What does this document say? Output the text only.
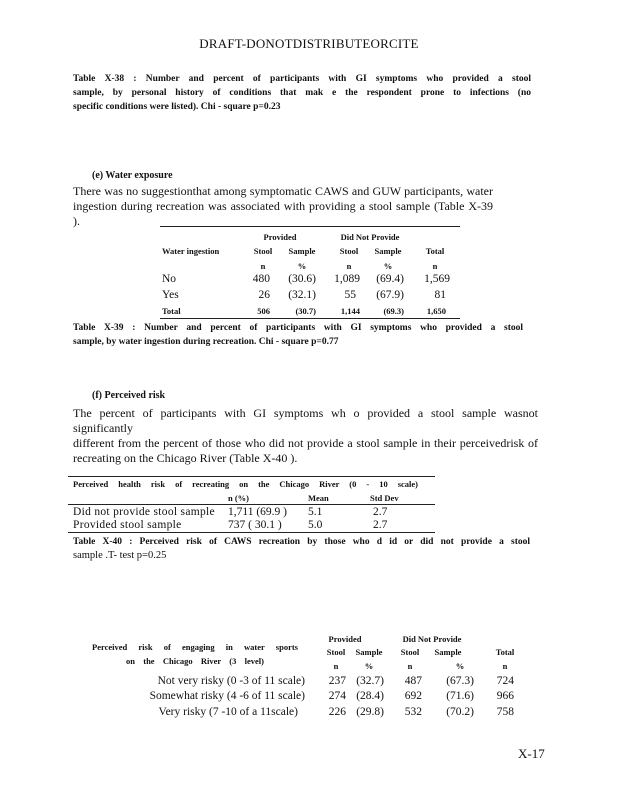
DRAFT-DONOTDISTRIBUTEORCITE
Table X-38 : Number and percent of participants with GI symptoms who provided a stool
sample, by personal history of conditions that mak e the respondent prone to infections (no
specific conditions were listed). Chi - square p=0.23
(e) Water exposure
There was no suggestionthat among symptomatic CAWS and GUW participants, water
ingestion during recreation was associated with providing a stool sample (Table X-39 ).
Provided	Did Not Provide
Water ingestion	Stool	Sample	Stool	Sample	Total
n	%	n	%	n
No	480	(30.6)	1,089	(69.4)	1,569
Yes	26	(32.1)	55	(67.9)	81
Total	506	(30.7)	1,144	(69.3)	1,650
Table X-39 : Number and percent of participants with GI symptoms who provided a stool
sample, by water ingestion during recreation. Chi - square p=0.77
(f) Perceived risk
The percent of participants with GI symptoms wh o provided a stool sample wasnot significantly
different from the percent of those who did not provide a stool sample in their perceivedrisk of
recreating on the Chicago River (Table X-40 ).
Perceived health risk of recreating on the Chicago River (0 - 10 scale)
n (%)	Mean	Std Dev
Did not provide stool sample 1,711 (69.9 ) 5.1	2.7
Provided stool sample	737 ( 30.1 ) 5.0	2.7
Table X-40 : Perceived risk of CAWS recreation by those who d id or did not provide a stool
sample .T- test p=0.25
Provided	Did Not Provide
Perceived risk of engaging in water sports
on the Chicago River (3 level)
Stool	Sample	Stool	Sample	Total
n	%	n	%	n
Not very risky (0 -3 of 11 scale)	237 (32.7)	487	(67.3)	724
Somewhat risky (4 -6 of 11 scale)	274 (28.4)	692	(71.6)	966
Very risky (7 -10 of a 11scale)	226 (29.8)	532	(70.2)	758
X-17
